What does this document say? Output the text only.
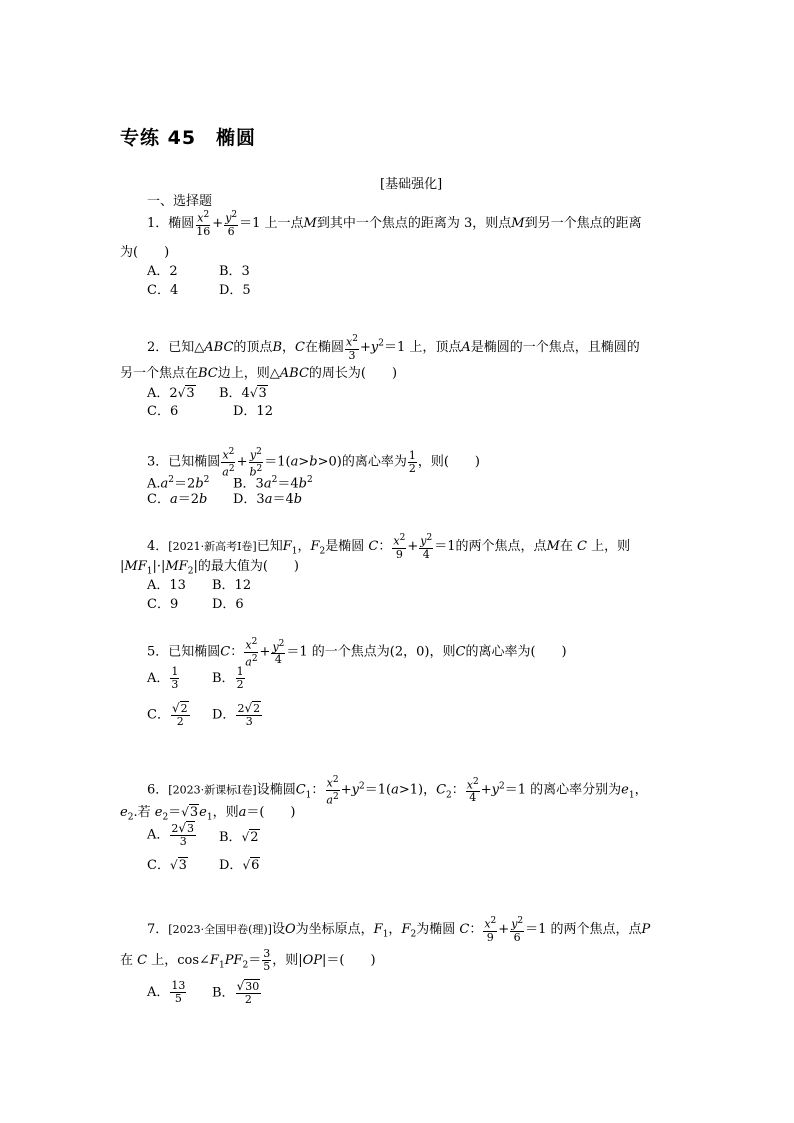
专练 45　椭圆
[基础强化]
一、选择题
1．椭圆 $\frac{x^2}{16} + \frac{y^2}{6} =1$ 上一点M到其中一个焦点的距离为 3，则点M到另一个焦点的距离
为(　　)
A．2	B．3
C．4	D．5
2．已知△ABC的顶点B，C在椭圆 $\frac{x^2}{3} +y^2=1$ 上，顶点A是椭圆的一个焦点，且椭圆的
另一个焦点在BC边上，则△ABC的周长为(　　)
A．2√3 B．4√3
C．6	D．12
3．已知椭圆 $\frac{x^2}{a^2} + \frac{y^2}{b^2} =1(a>b>0)$的离心率为 $\frac{1}{2}$ ，则(　　)
$A.a^2=2b^2$ B．$3a^2=4b^2$
C．a＝2b D．3a＝4b
4．[2021·新高考Ⅰ卷]已知$F_1$，$F_2$是椭圆 C： $\frac{x^2}{9} + \frac{y^2}{4} =1$的两个焦点，点M在 C 上，则
$|MF_1|\cdot|MF_2|$的最大值为(　　)
A．13 B．12
C．9	D．6
5．已知椭圆C： $\frac{x^2}{a^2} + \frac{y^2}{4} =1$ 的一个焦点为(2，0)，则C的离心率为(　　)
A． $\frac{1}{3}$	B． $\frac{1}{2}$
C． $\frac{√2}{2}$ D． $\frac{2√2}{3}$
6．[2023·新课标Ⅰ卷]设椭圆$C_1$： $\frac{x^2}{a^2} +y^2=1(a>1)$，$C_2$： $\frac{x^2}{4} +y^2=1$ 的离心率分别为$e_1$，
$e_2$.若 $e_2=√3e_1$，则a＝(　　)
A． $\frac{2√3}{3}$ B．√2
C．√3 D．√6
7．[2023·全国甲卷(理)]设O为坐标原点，$F_1$，$F_2$为椭圆 C： $\frac{x^2}{9} + \frac{y^2}{6} =1$ 的两个焦点，点P
在 C 上，$\cos\angle F_1PF_2= \frac{3}{5}$ ，则|OP|＝(　　)
A． $\frac{13}{5}$ B． $\frac{√30}{2}$
